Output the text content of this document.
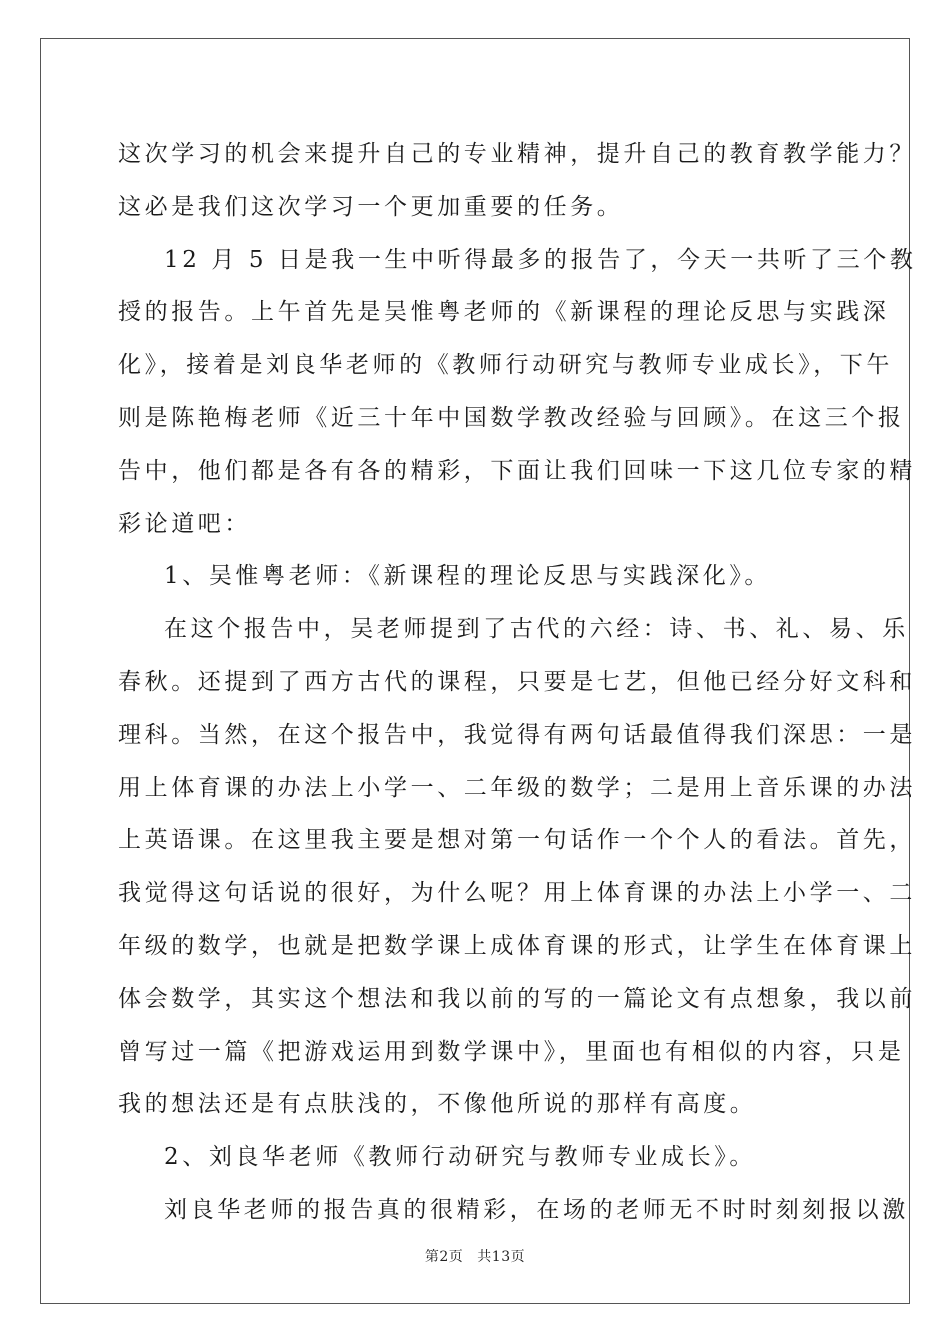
这次学习的机会来提升自己的专业精神，提升自己的教育教学能力？
这必是我们这次学习一个更加重要的任务。
12 月 5 日是我一生中听得最多的报告了，今天一共听了三个教
授的报告。上午首先是吴惟粤老师的《新课程的理论反思与实践深
化》，接着是刘良华老师的《教师行动研究与教师专业成长》，下午
则是陈艳梅老师《近三十年中国数学教改经验与回顾》。在这三个报
告中，他们都是各有各的精彩，下面让我们回味一下这几位专家的精
彩论道吧：
1、吴惟粤老师：《新课程的理论反思与实践深化》。
在这个报告中，吴老师提到了古代的六经：诗、书、礼、易、乐
春秋。还提到了西方古代的课程，只要是七艺，但他已经分好文科和
理科。当然，在这个报告中，我觉得有两句话最值得我们深思：一是
用上体育课的办法上小学一、二年级的数学；二是用上音乐课的办法
上英语课。在这里我主要是想对第一句话作一个个人的看法。首先，
我觉得这句话说的很好，为什么呢？用上体育课的办法上小学一、二
年级的数学，也就是把数学课上成体育课的形式，让学生在体育课上
体会数学，其实这个想法和我以前的写的一篇论文有点想象，我以前
曾写过一篇《把游戏运用到数学课中》，里面也有相似的内容，只是
我的想法还是有点肤浅的，不像他所说的那样有高度。
2、刘良华老师《教师行动研究与教师专业成长》。
刘良华老师的报告真的很精彩，在场的老师无不时时刻刻报以激
第2页 共13页
